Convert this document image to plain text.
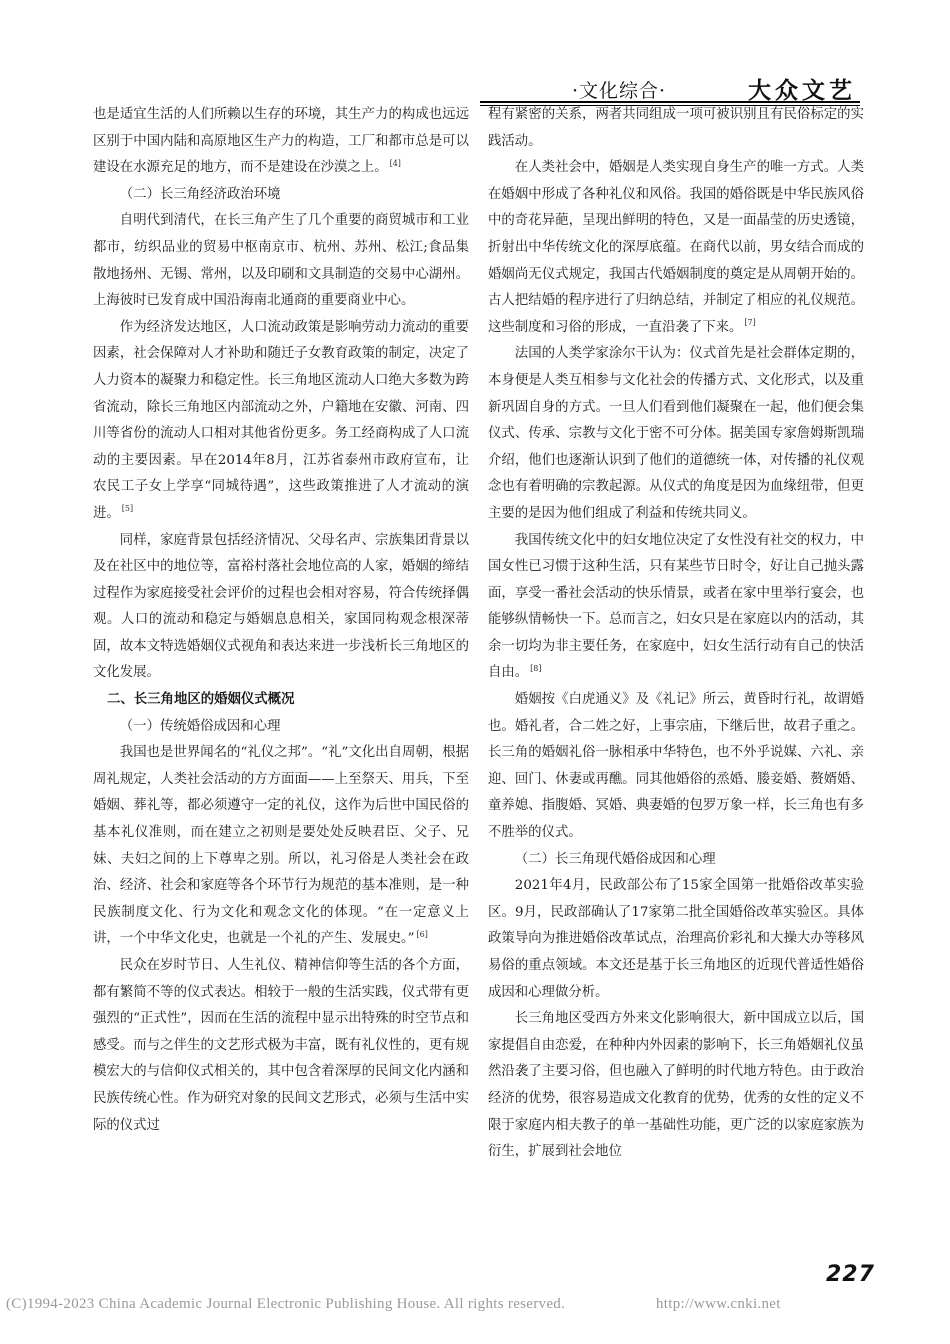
·文化综合·	大众文艺

也是适宜生活的人们所赖以生存的环境，其生产力的构成也远远区别于中国内陆和高原地区生产力的构造，工厂和都市总是可以建设在水源充足的地方，而不是建设在沙漠之上。 [4]

（二）长三角经济政治环境

自明代到清代，在长三角产生了几个重要的商贸城市和工业都市，纺织品业的贸易中枢南京市、杭州、苏州、松江;食品集散地扬州、无锡、常州，以及印刷和文具制造的交易中心湖州。上海彼时已发育成中国沿海南北通商的重要商业中心。

作为经济发达地区，人口流动政策是影响劳动力流动的重要因素，社会保障对人才补助和随迁子女教育政策的制定，决定了人力资本的凝聚力和稳定性。长三角地区流动人口绝大多数为跨省流动，除长三角地区内部流动之外，户籍地在安徽、河南、四川等省份的流动人口相对其他省份更多。务工经商构成了人口流动的主要因素。早在2014年8月，江苏省泰州市政府宣布，让农民工子女上学享“同城待遇”，这些政策推进了人才流动的演进。 [5]

同样，家庭背景包括经济情况、父母名声、宗族集团背景以及在社区中的地位等，富裕村落社会地位高的人家，婚姻的缔结过程作为家庭接受社会评价的过程也会相对容易，符合传统择偶观。人口的流动和稳定与婚姻息息相关，家国同构观念根深蒂固，故本文特选婚姻仪式视角和表达来进一步浅析长三角地区的文化发展。

二、长三角地区的婚姻仪式概况

（一）传统婚俗成因和心理

我国也是世界闻名的“礼仪之邦”。“礼”文化出自周朝，根据周礼规定，人类社会活动的方方面面——上至祭天、用兵，下至婚姻、葬礼等，都必须遵守一定的礼仪，这作为后世中国民俗的基本礼仪准则，而在建立之初则是要处处反映君臣、父子、兄妹、夫妇之间的上下尊卑之别。所以，礼习俗是人类社会在政治、经济、社会和家庭等各个环节行为规范的基本准则，是一种民族制度文化、行为文化和观念文化的体现。“在一定意义上讲，一个中华文化史，也就是一个礼的产生、发展史。” [6]

民众在岁时节日、人生礼仪、精神信仰等生活的各个方面，都有繁简不等的仪式表达。相较于一般的生活实践，仪式带有更强烈的“正式性”，因而在生活的流程中显示出特殊的时空节点和感受。而与之伴生的文艺形式极为丰富，既有礼仪性的，更有规模宏大的与信仰仪式相关的，其中包含着深厚的民间文化内涵和民族传统心性。作为研究对象的民间文艺形式，必须与生活中实际的仪式过

程有紧密的关系，两者共同组成一项可被识别且有民俗标定的实践活动。

在人类社会中，婚姻是人类实现自身生产的唯一方式。人类在婚姻中形成了各种礼仪和风俗。我国的婚俗既是中华民族风俗中的奇花异葩，呈现出鲜明的特色，又是一面晶莹的历史透镜，折射出中华传统文化的深厚底蕴。在商代以前，男女结合而成的婚姻尚无仪式规定，我国古代婚姻制度的奠定是从周朝开始的。古人把结婚的程序进行了归纳总结，并制定了相应的礼仪规范。这些制度和习俗的形成，一直沿袭了下来。 [7]

法国的人类学家涂尔干认为：仪式首先是社会群体定期的，本身便是人类互相参与文化社会的传播方式、文化形式，以及重新巩固自身的方式。一旦人们看到他们凝聚在一起，他们便会集仪式、传承、宗教与文化于密不可分体。据美国专家詹姆斯凯瑞介绍，他们也逐渐认识到了他们的道德统一体，对传播的礼仪观念也有着明确的宗教起源。从仪式的角度是因为血缘纽带，但更主要的是因为他们组成了利益和传统共同义。

我国传统文化中的妇女地位决定了女性没有社交的权力，中国女性已习惯于这种生活，只有某些节日时令，好让自己抛头露面，享受一番社会活动的快乐情景，或者在家中里举行宴会，也能够纵情畅快一下。总而言之，妇女只是在家庭以内的活动，其余一切均为非主要任务，在家庭中，妇女生活行动有自己的快活自由。 [8]

婚姻按《白虎通义》及《礼记》所云，黄昏时行礼，故谓婚也。婚礼者，合二姓之好，上事宗庙，下继后世，故君子重之。长三角的婚姻礼俗一脉相承中华特色，也不外乎说媒、六礼、亲迎、回门、休妻或再醮。同其他婚俗的烝婚、媵妾婚、赘婿婚、童养媳、指腹婚、冥婚、典妻婚的包罗万象一样，长三角也有多不胜举的仪式。

（二）长三角现代婚俗成因和心理

2021年4月，民政部公布了15家全国第一批婚俗改革实验区。9月，民政部确认了17家第二批全国婚俗改革实验区。具体政策导向为推进婚俗改革试点，治理高价彩礼和大操大办等移风易俗的重点领域。本文还是基于长三角地区的近现代普适性婚俗成因和心理做分析。

长三角地区受西方外来文化影响很大，新中国成立以后，国家提倡自由恋爱，在种种内外因素的影响下，长三角婚姻礼仪虽然沿袭了主要习俗，但也融入了鲜明的时代地方特色。由于政治经济的优势，很容易造成文化教育的优势，优秀的女性的定义不限于家庭内相夫教子的单一基础性功能，更广泛的以家庭家族为衍生，扩展到社会地位

227
(C)1994-2023 China Academic Journal Electronic Publishing House. All rights reserved.	http://www.cnki.net
